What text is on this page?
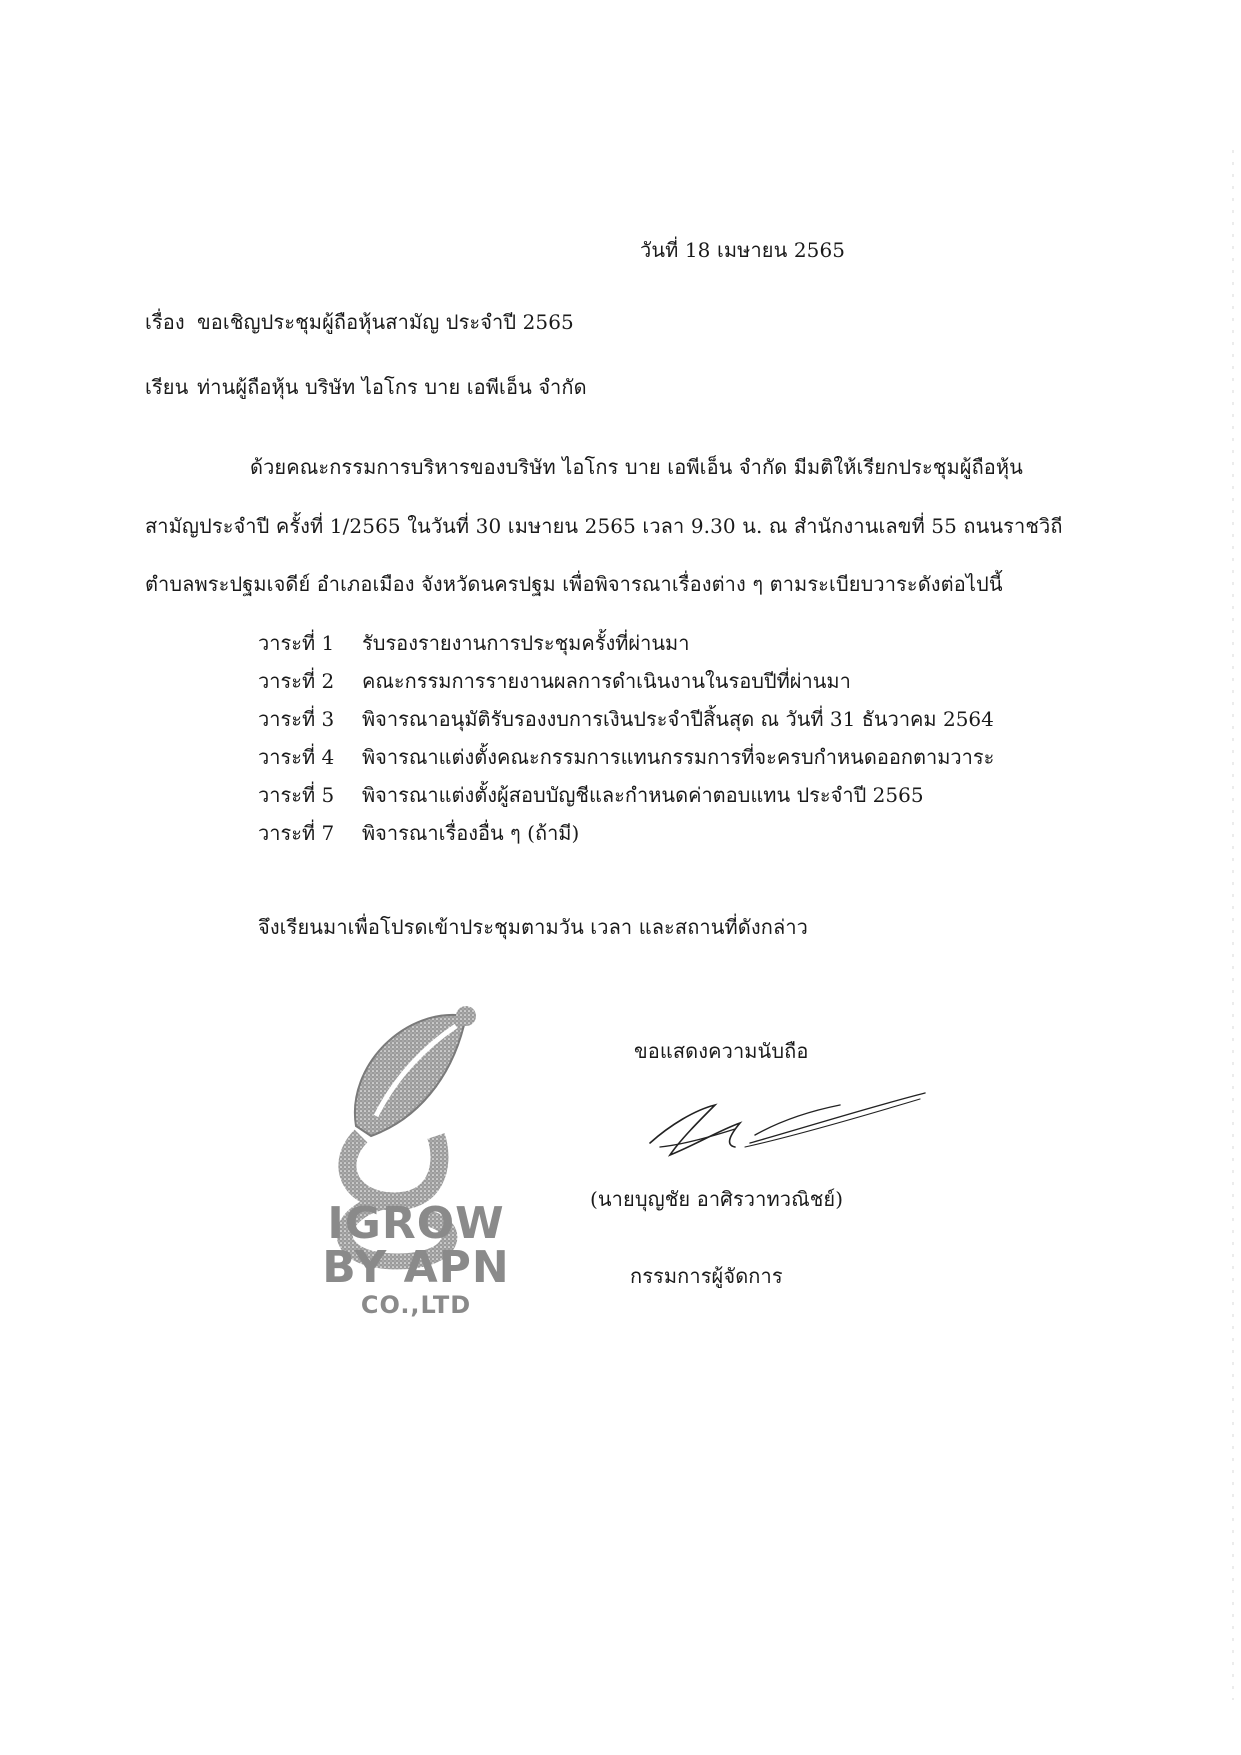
วันที่ 18 เมษายน 2565
เรื่อง ขอเชิญประชุมผู้ถือหุ้นสามัญ ประจำปี 2565
เรียน ท่านผู้ถือหุ้น บริษัท ไอโกร บาย เอพีเอ็น จำกัด
ด้วยคณะกรรมการบริหารของบริษัท ไอโกร บาย เอพีเอ็น จำกัด มีมติให้เรียกประชุมผู้ถือหุ้น
สามัญประจำปี ครั้งที่ 1/2565 ในวันที่ 30 เมษายน 2565 เวลา 9.30 น. ณ สำนักงานเลขที่ 55 ถนนราชวิถี
ตำบลพระปฐมเจดีย์ อำเภอเมือง จังหวัดนครปฐม เพื่อพิจารณาเรื่องต่าง ๆ ตามระเบียบวาระดังต่อไปนี้
วาระที่ 1 รับรองรายงานการประชุมครั้งที่ผ่านมา
วาระที่ 2 คณะกรรมการรายงานผลการดำเนินงานในรอบปีที่ผ่านมา
วาระที่ 3 พิจารณาอนุมัติรับรองงบการเงินประจำปีสิ้นสุด ณ วันที่ 31 ธันวาคม 2564
วาระที่ 4 พิจารณาแต่งตั้งคณะกรรมการแทนกรรมการที่จะครบกำหนดออกตามวาระ
วาระที่ 5 พิจารณาแต่งตั้งผู้สอบบัญชีและกำหนดค่าตอบแทน ประจำปี 2565
วาระที่ 7 พิจารณาเรื่องอื่น ๆ (ถ้ามี)
จึงเรียนมาเพื่อโปรดเข้าประชุมตามวัน เวลา และสถานที่ดังกล่าว
IGROW
BY APN
CO.,LTD
ขอแสดงความนับถือ
(นายบุญชัย อาศิรวาทวณิชย์)
กรรมการผู้จัดการ
